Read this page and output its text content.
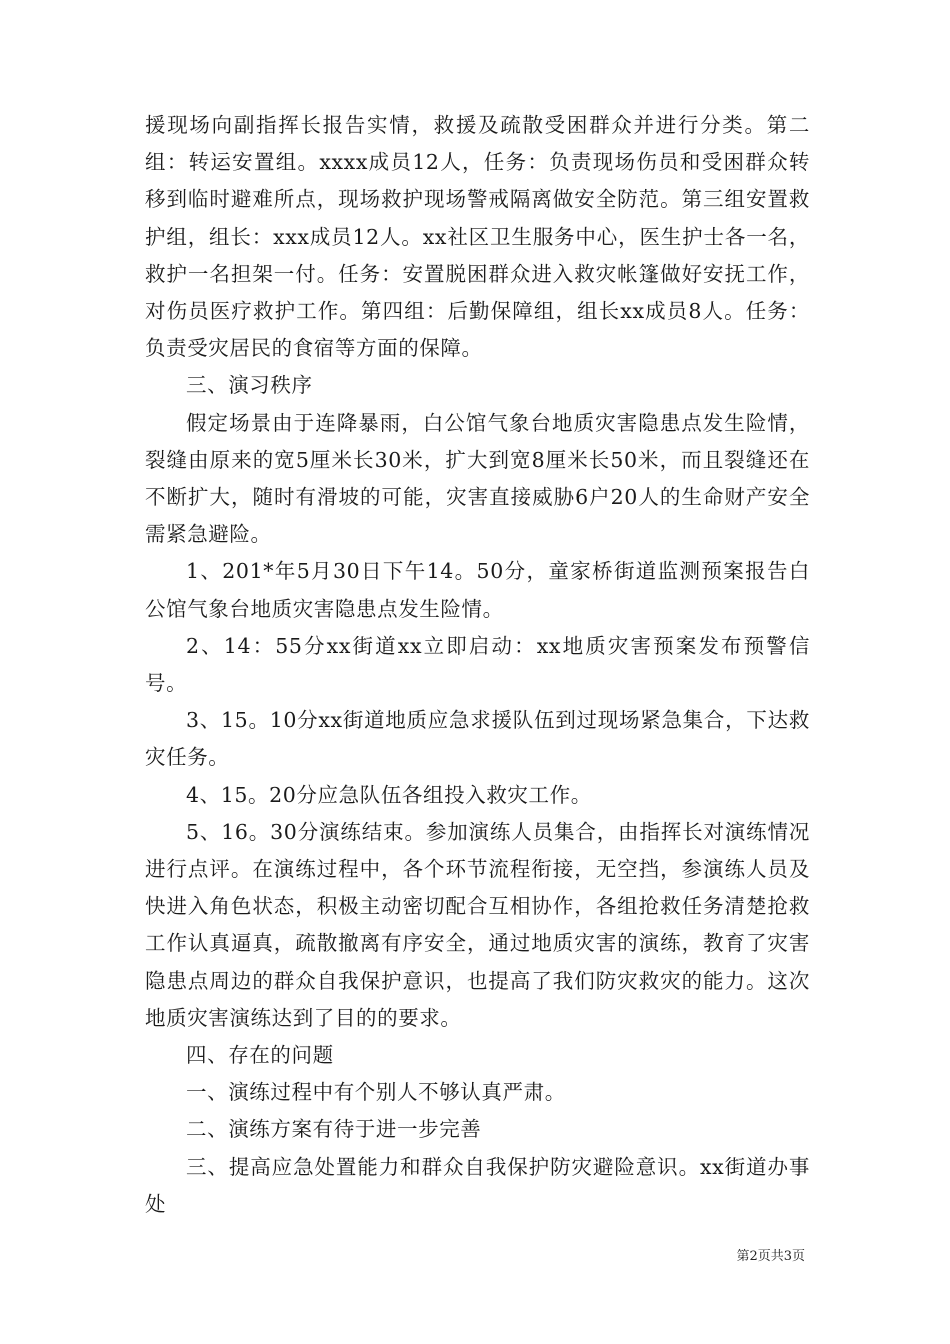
援现场向副指挥长报告实情，救援及疏散受困群众并进行分类。第二组：转运安置组。xxxx成员12人，任务：负责现场伤员和受困群众转移到临时避难所点，现场救护现场警戒隔离做安全防范。第三组安置救护组，组长：xxx成员12人。xx社区卫生服务中心，医生护士各一名，救护一名担架一付。任务：安置脱困群众进入救灾帐篷做好安抚工作，对伤员医疗救护工作。第四组：后勤保障组，组长xx成员8人。任务：负责受灾居民的食宿等方面的保障。

三、演习秩序

假定场景由于连降暴雨，白公馆气象台地质灾害隐患点发生险情，裂缝由原来的宽5厘米长30米，扩大到宽8厘米长50米，而且裂缝还在不断扩大，随时有滑坡的可能，灾害直接威胁6户20人的生命财产安全需紧急避险。

1、201*年5月30日下午14。50分，童家桥街道监测预案报告白公馆气象台地质灾害隐患点发生险情。

2、14：55分xx街道xx立即启动：xx地质灾害预案发布预警信号。

3、15。10分xx街道地质应急求援队伍到过现场紧急集合，下达救灾任务。

4、15。20分应急队伍各组投入救灾工作。

5、16。30分演练结束。参加演练人员集合，由指挥长对演练情况进行点评。在演练过程中，各个环节流程衔接，无空挡，参演练人员及快进入角色状态，积极主动密切配合互相协作，各组抢救任务清楚抢救工作认真逼真，疏散撤离有序安全，通过地质灾害的演练，教育了灾害隐患点周边的群众自我保护意识，也提高了我们防灾救灾的能力。这次地质灾害演练达到了目的的要求。

四、存在的问题

一、演练过程中有个别人不够认真严肃。

二、演练方案有待于进一步完善

三、提高应急处置能力和群众自我保护防灾避险意识。xx街道办事处

第2页共3页
